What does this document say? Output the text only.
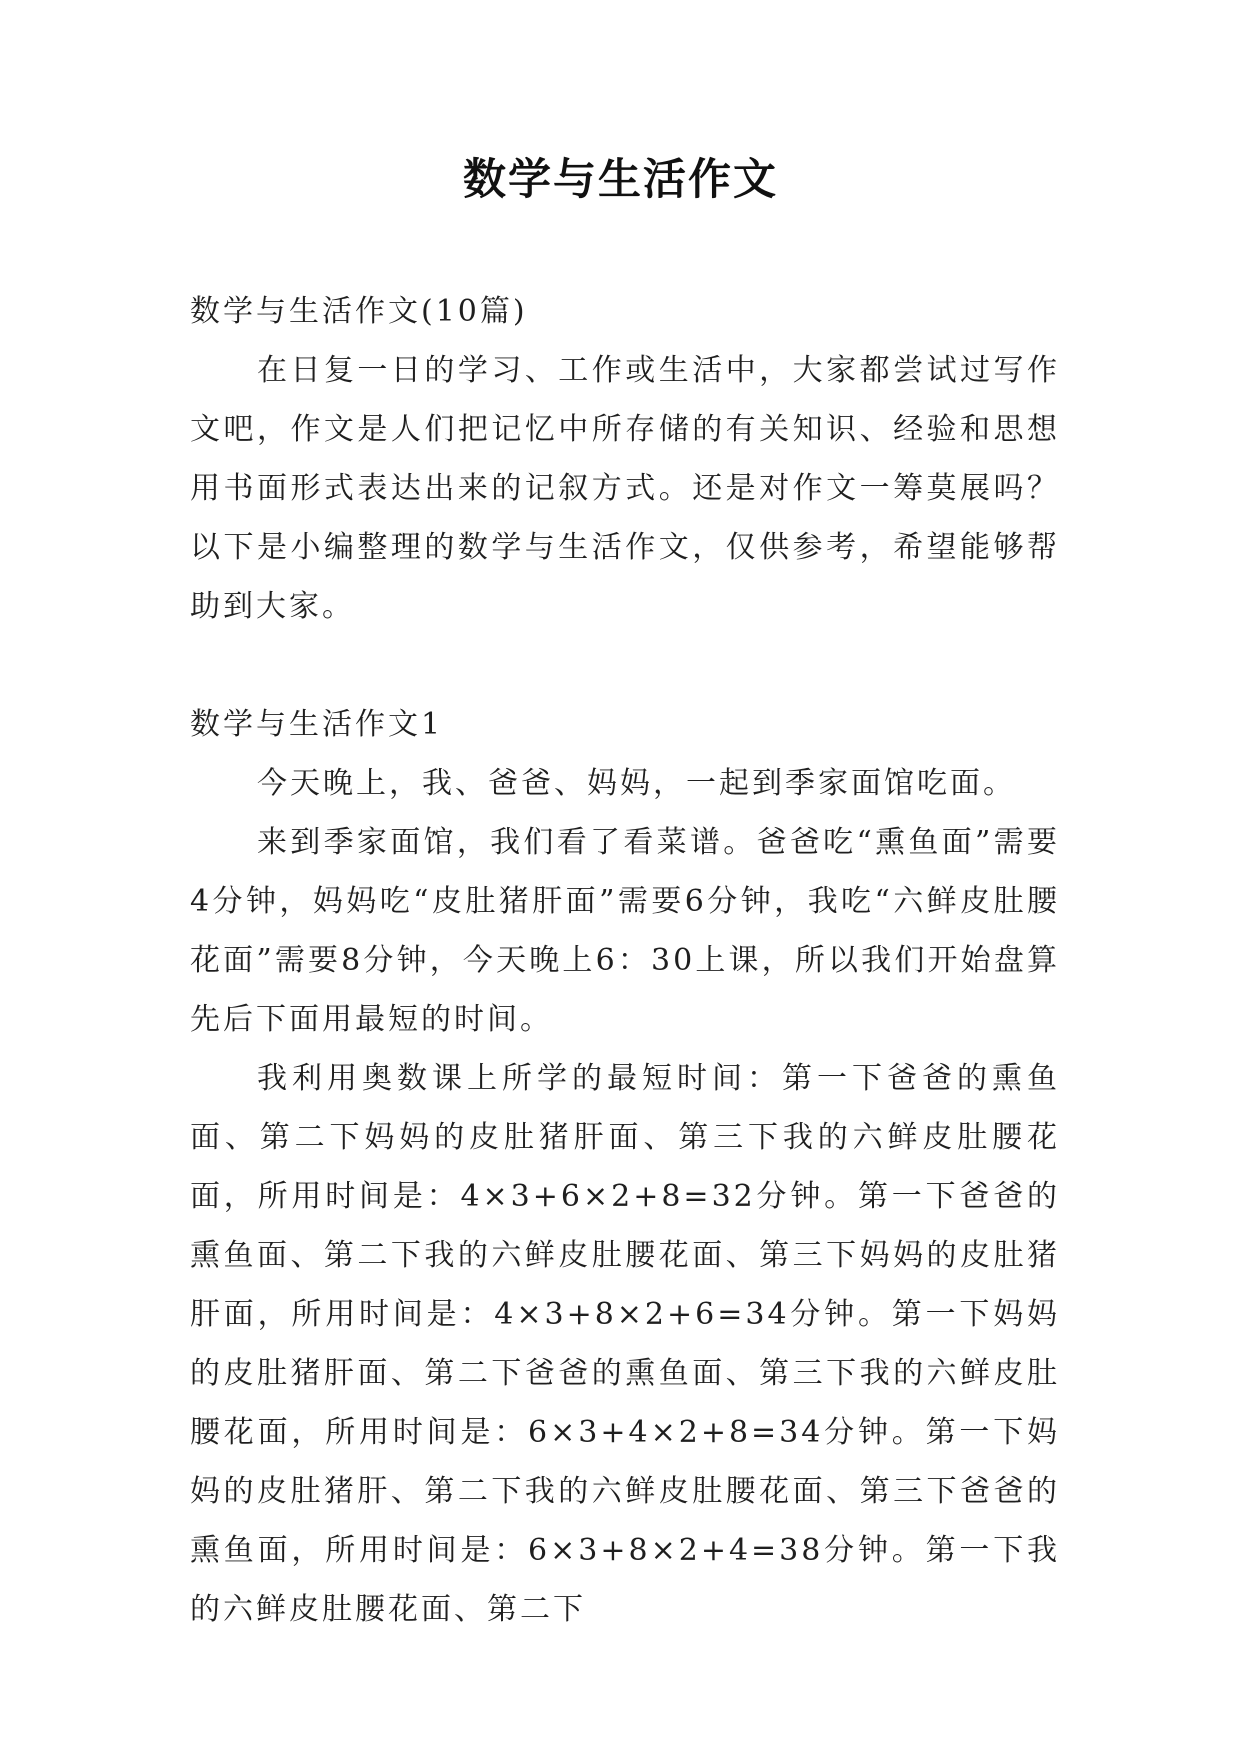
数学与生活作文

数学与生活作文(10篇)

在日复一日的学习、工作或生活中，大家都尝试过写作文吧，作文是人们把记忆中所存储的有关知识、经验和思想用书面形式表达出来的记叙方式。还是对作文一筹莫展吗？以下是小编整理的数学与生活作文，仅供参考，希望能够帮助到大家。

数学与生活作文1

今天晚上，我、爸爸、妈妈，一起到季家面馆吃面。

来到季家面馆，我们看了看菜谱。爸爸吃“熏鱼面”需要4分钟，妈妈吃“皮肚猪肝面”需要6分钟，我吃“六鲜皮肚腰花面”需要8分钟，今天晚上6：30上课，所以我们开始盘算先后下面用最短的时间。

我利用奥数课上所学的最短时间：第一下爸爸的熏鱼面、第二下妈妈的皮肚猪肝面、第三下我的六鲜皮肚腰花面，所用时间是：4×3+6×2+8=32分钟。第一下爸爸的熏鱼面、第二下我的六鲜皮肚腰花面、第三下妈妈的皮肚猪肝面，所用时间是：4×3+8×2+6=34分钟。第一下妈妈的皮肚猪肝面、第二下爸爸的熏鱼面、第三下我的六鲜皮肚腰花面，所用时间是：6×3+4×2+8=34分钟。第一下妈妈的皮肚猪肝、第二下我的六鲜皮肚腰花面、第三下爸爸的熏鱼面，所用时间是：6×3+8×2+4=38分钟。第一下我的六鲜皮肚腰花面、第二下
